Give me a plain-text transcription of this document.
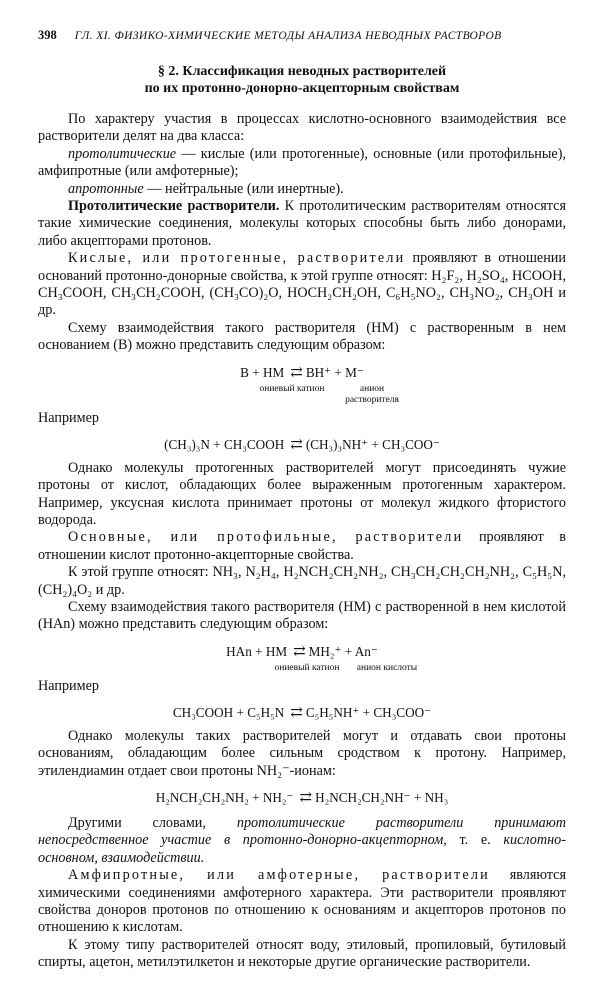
398 ГЛ. XI. ФИЗИКО-ХИМИЧЕСКИЕ МЕТОДЫ АНАЛИЗА НЕВОДНЫХ РАСТВОРОВ
§ 2. Классификация неводных растворителей
по их протонно-донорно-акцепторным свойствам

По характеру участия в процессах кислотно-основного взаимодействия все растворители делят на два класса:

протолитические — кислые (или протогенные), основные (или протофильные), амфипротные (или амфотерные);

апротонные — нейтральные (или инертные).

Протолитические растворители. К протолитическим растворителям относятся такие химические соединения, молекулы которых способны быть либо донорами, либо акцепторами протонов.

Кислые, или протогенные, растворители проявляют в отношении оснований протонно-донорные свойства, к этой группе относят: H₂F₂, H₂SO₄, HCOOH, CH₃COOH, CH₃CH₂COOH, (CH₃CO)₂O, HOCH₂CH₂OH, C₆H₅NO₂, CH₃NO₂, CH₃OH и др.

Схему взаимодействия такого растворителя (HM) с растворенным в нем основанием (B) можно представить следующим образом:

B + HM ⇄ BH⁺ + M⁻
ониевый катион	анион растворителя
Например
(CH₃)₃N + CH₃COOH ⇄ (CH₃)₃NH⁺ + CH₃COO⁻

Однако молекулы протогенных растворителей могут присоединять чужие протоны от кислот, обладающих более выраженным протогенным характером. Например, уксусная кислота принимает протоны от молекул жидкого фтористого водорода.

Основные, или протофильные, растворители проявляют в отношении кислот протонно-акцепторные свойства.

К этой группе относят: NH₃, N₂H₄, H₂NCH₂CH₂NH₂, CH₃CH₂CH₂CH₂NH₂, C₅H₅N, (CH₂)₄O₂ и др.

Схему взаимодействия такого растворителя (HM) с растворенной в нем кислотой (HAn) можно представить следующим образом:

HAn + HM ⇄ MH₂⁺ + An⁻
ониевый катион анион кислоты
Например
CH₃COOH + C₅H₅N ⇄ C₅H₅NH⁺ + CH₃COO⁻

Однако молекулы таких растворителей могут и отдавать свои протоны основаниям, обладающим более сильным сродством к протону. Например, этилендиамин отдает свои протоны NH₂⁻-ионам:

H₂NCH₂CH₂NH₂ + NH₂⁻ ⇄ H₂NCH₂CH₂NH⁻ + NH₃

Другими словами, протолитические растворители принимают непосредственное участие в протонно-донорно-акцепторном, т. е. кислотно-основном, взаимодействии.

Амфипротные, или амфотерные, растворители являются химическими соединениями амфотерного характера. Эти растворители проявляют свойства доноров протонов по отношению к основаниям и акцепторов протонов по отношению к кислотам.

К этому типу растворителей относят воду, этиловый, пропиловый, бутиловый спирты, ацетон, метилэтилкетон и некоторые другие органические растворители.
